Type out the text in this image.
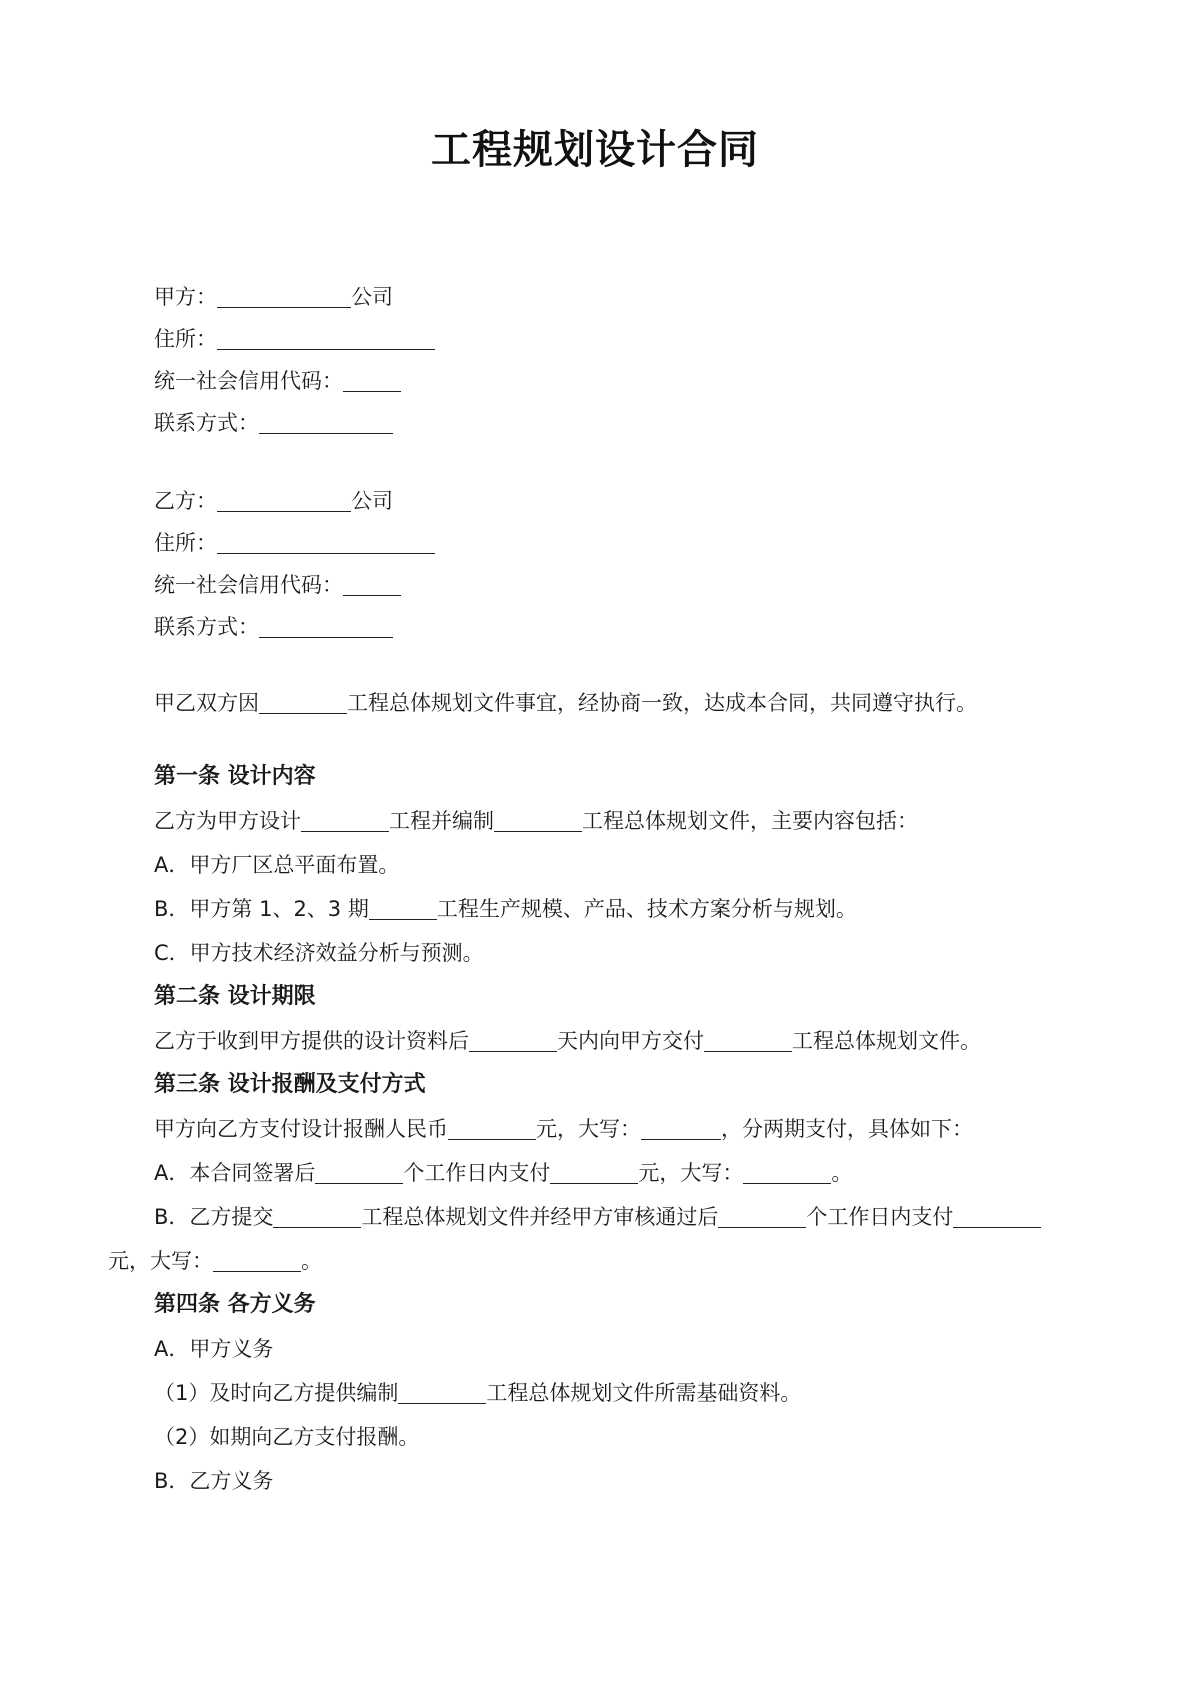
工程规划设计合同
甲方：	公司
住所：
统一社会信用代码：
联系方式：
乙方：	公司
住所：
统一社会信用代码：
联系方式：
甲乙双方因	工程总体规划文件事宜，经协商一致，达成本合同，共同遵守执行。
第一条 设计内容
乙方为甲方设计	工程并编制	工程总体规划文件，主要内容包括：
A．甲方厂区总平面布置。
B．甲方第 1、2、3 期	工程生产规模、产品、技术方案分析与规划。
C．甲方技术经济效益分析与预测。
第二条 设计期限
乙方于收到甲方提供的设计资料后	天内向甲方交付	工程总体规划文件。
第三条 设计报酬及支付方式
甲方向乙方支付设计报酬人民币	元，大写：	，分两期支付，具体如下：
A．本合同签署后	个工作日内支付	元，大写：	。
B．乙方提交	工程总体规划文件并经甲方审核通过后	个工作日内支付
元，大写：	。
第四条 各方义务
A．甲方义务
（1）及时向乙方提供编制	工程总体规划文件所需基础资料。
（2）如期向乙方支付报酬。
B．乙方义务
